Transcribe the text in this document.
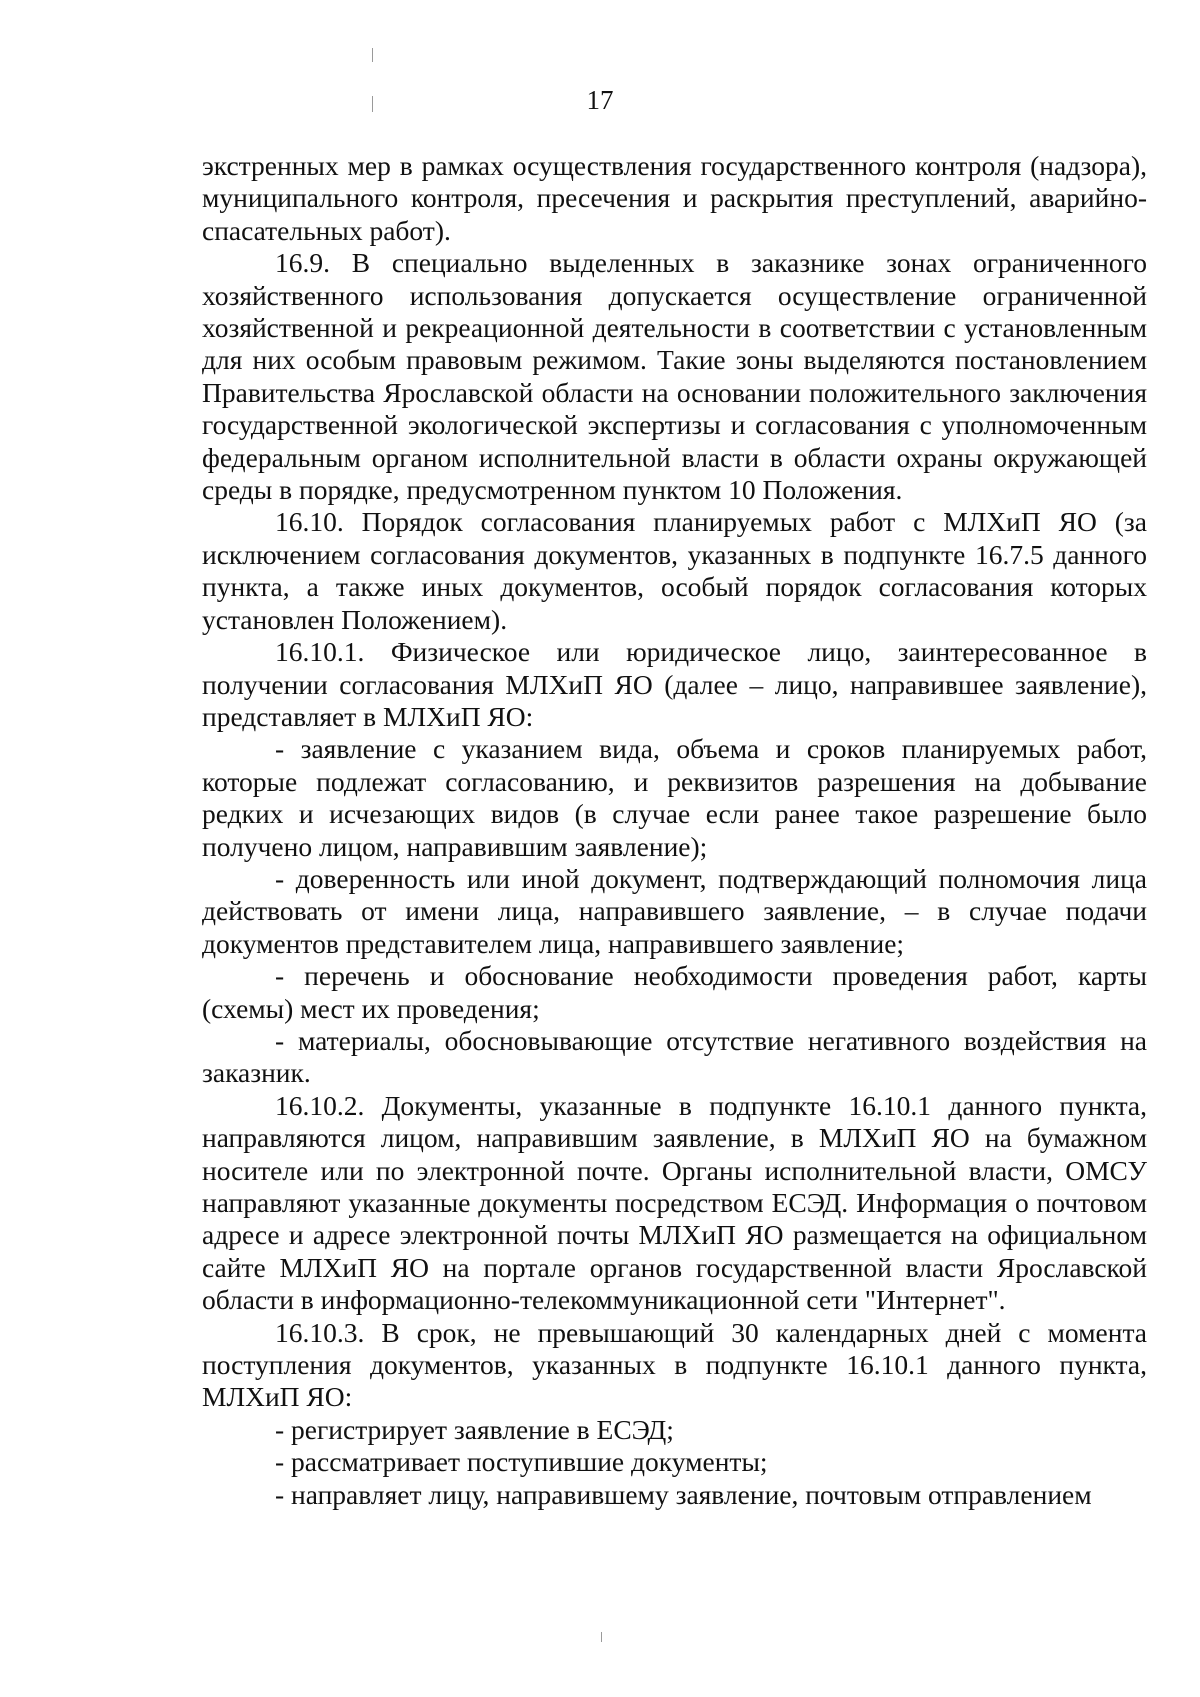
17

экстренных мер в рамках осуществления государственного контроля (надзора), муниципального контроля, пресечения и раскрытия преступлений, аварийно-спасательных работ).

16.9. В специально выделенных в заказнике зонах ограниченного хозяйственного использования допускается осуществление ограниченной хозяйственной и рекреационной деятельности в соответствии с установленным для них особым правовым режимом. Такие зоны выделяются постановлением Правительства Ярославской области на основании положительного заключения государственной экологической экспертизы и согласования с уполномоченным федеральным органом исполнительной власти в области охраны окружающей среды в порядке, предусмотренном пунктом 10 Положения.

16.10. Порядок согласования планируемых работ с МЛХиП ЯО (за исключением согласования документов, указанных в подпункте 16.7.5 данного пункта, а также иных документов, особый порядок согласования которых установлен Положением).

16.10.1. Физическое или юридическое лицо, заинтересованное в получении согласования МЛХиП ЯО (далее – лицо, направившее заявление), представляет в МЛХиП ЯО:

- заявление с указанием вида, объема и сроков планируемых работ, которые подлежат согласованию, и реквизитов разрешения на добывание редких и исчезающих видов (в случае если ранее такое разрешение было получено лицом, направившим заявление);

- доверенность или иной документ, подтверждающий полномочия лица действовать от имени лица, направившего заявление, – в случае подачи документов представителем лица, направившего заявление;

- перечень и обоснование необходимости проведения работ, карты (схемы) мест их проведения;

- материалы, обосновывающие отсутствие негативного воздействия на заказник.

16.10.2. Документы, указанные в подпункте 16.10.1 данного пункта, направляются лицом, направившим заявление, в МЛХиП ЯО на бумажном носителе или по электронной почте. Органы исполнительной власти, ОМСУ направляют указанные документы посредством ЕСЭД. Информация о почтовом адресе и адресе электронной почты МЛХиП ЯО размещается на официальном сайте МЛХиП ЯО на портале органов государственной власти Ярославской области в информационно-телекоммуникационной сети "Интернет".

16.10.3. В срок, не превышающий 30 календарных дней с момента поступления документов, указанных в подпункте 16.10.1 данного пункта, МЛХиП ЯО:

- регистрирует заявление в ЕСЭД;

- рассматривает поступившие документы;

- направляет лицу, направившему заявление, почтовым отправлением
